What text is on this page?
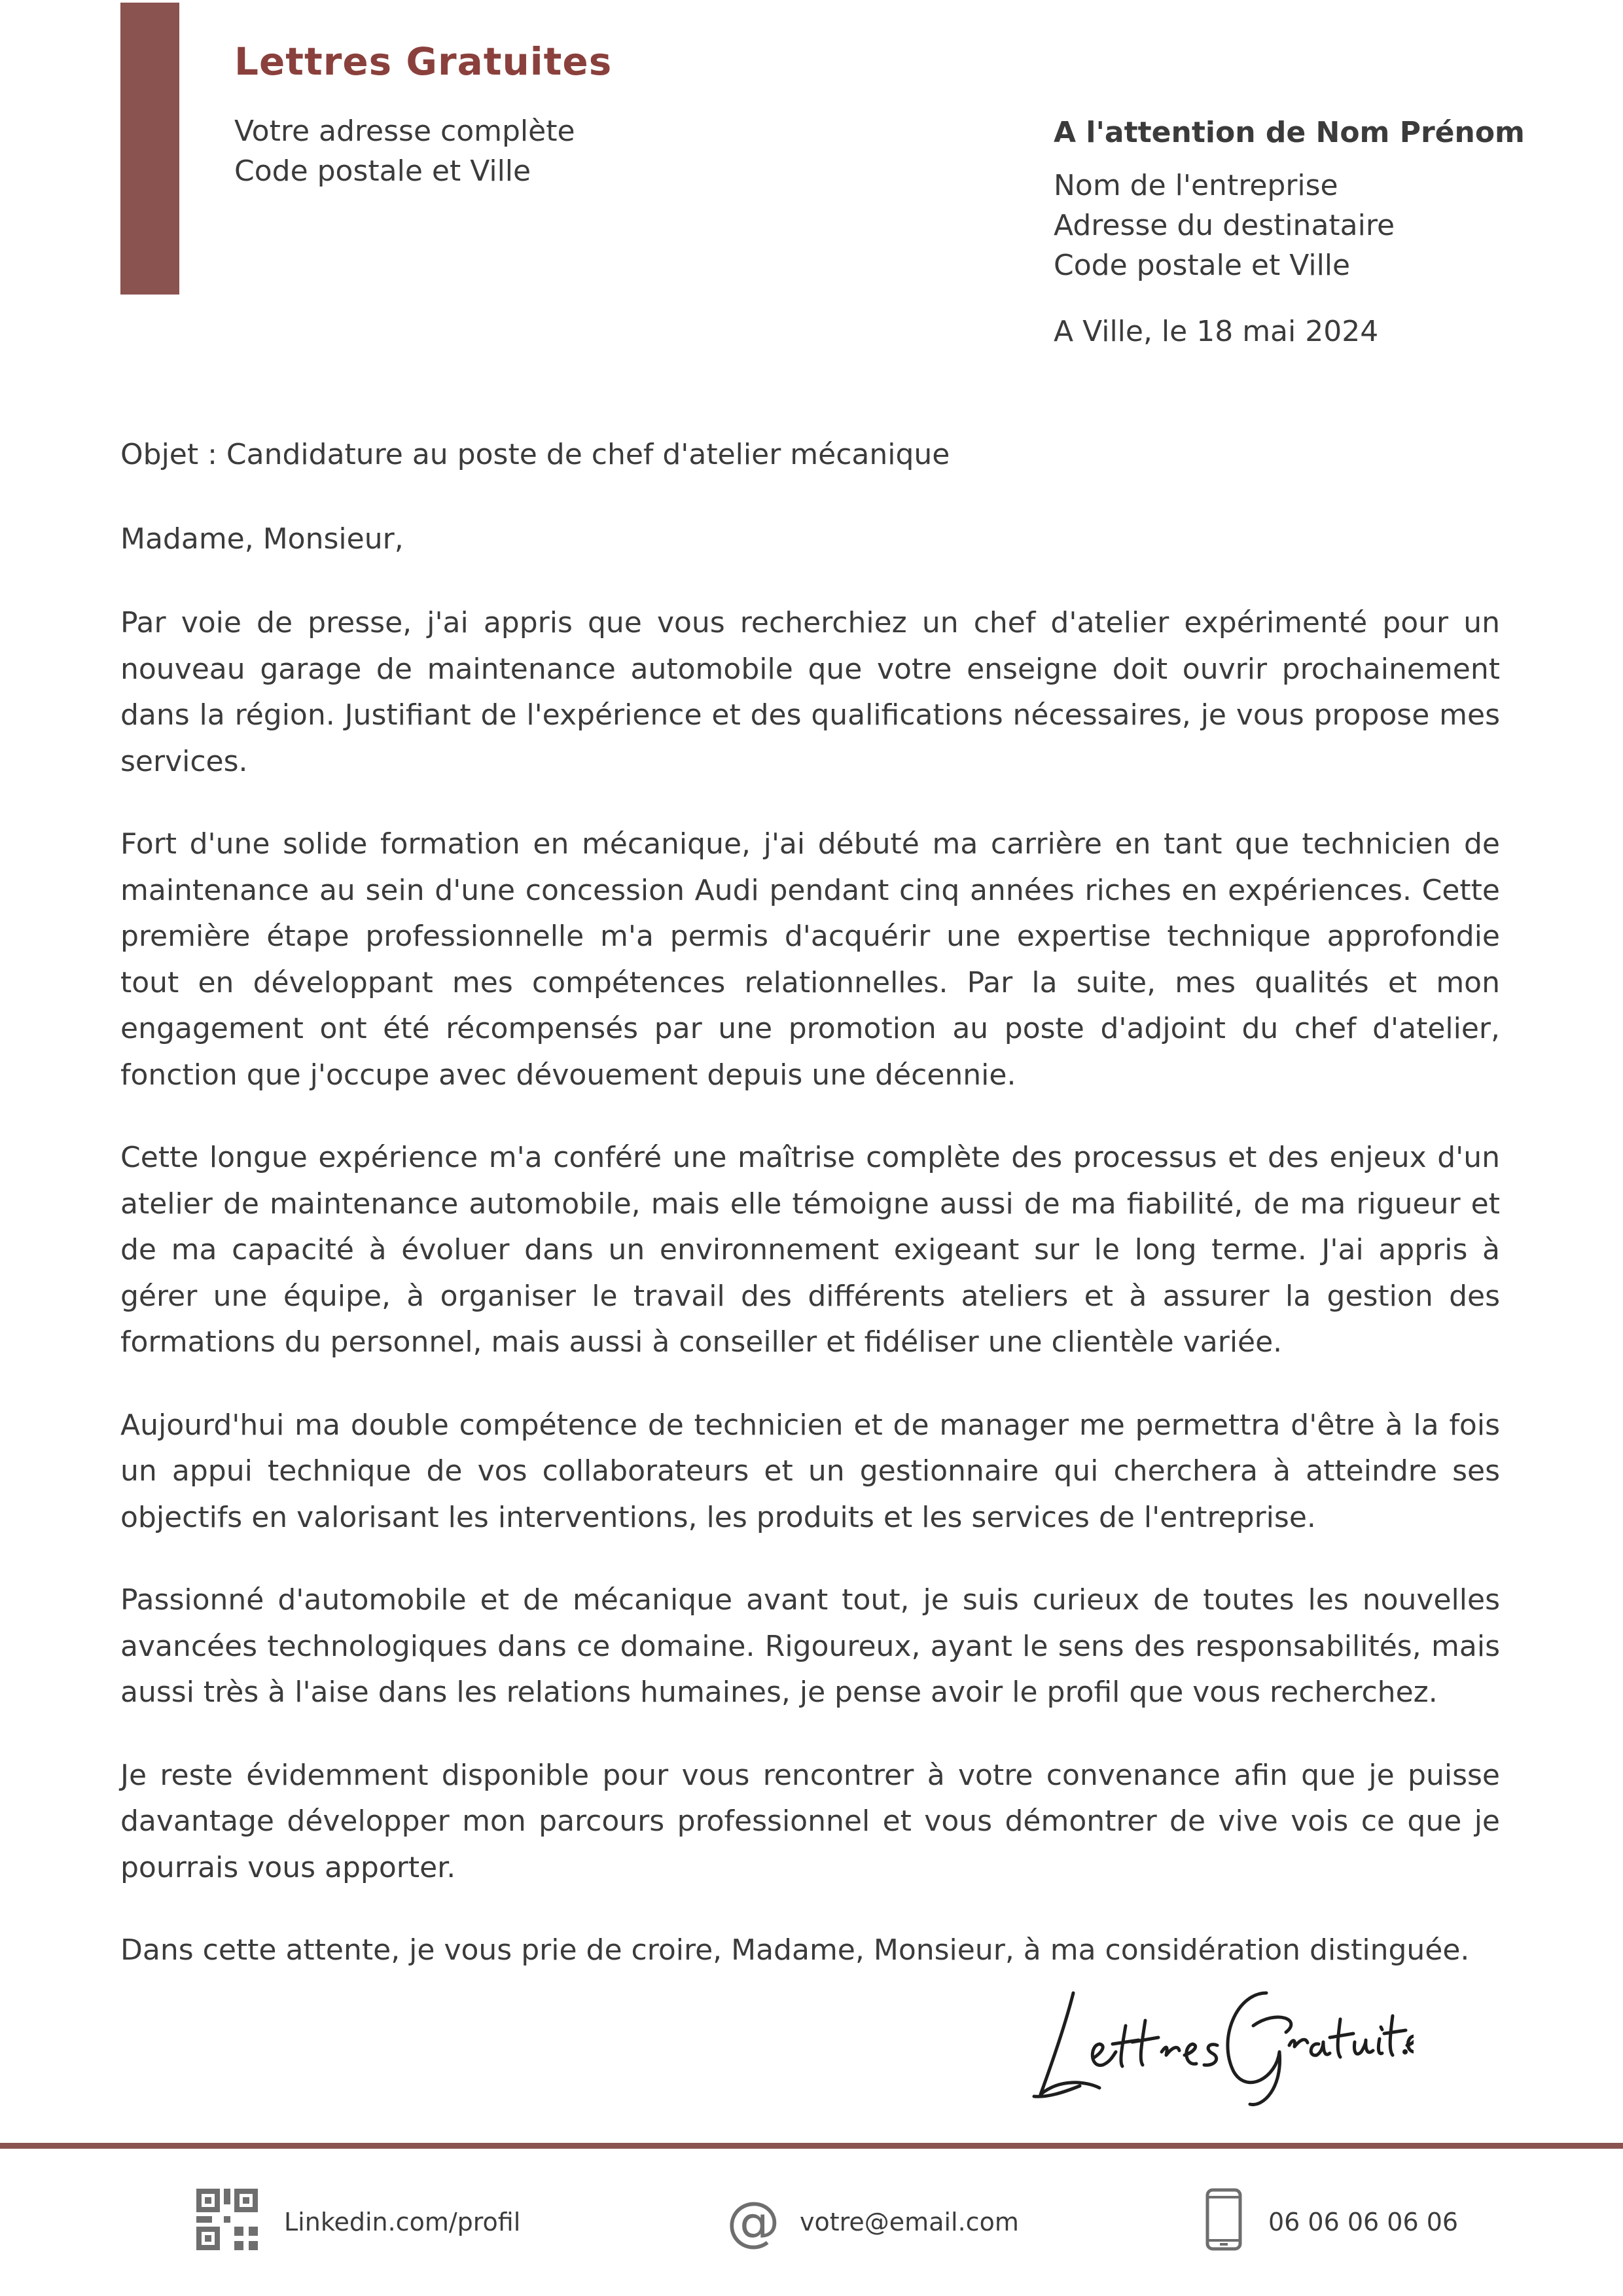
Lettres Gratuites
Votre adresse complète
Code postale et Ville
A l'attention de Nom Prénom
Nom de l'entreprise
Adresse du destinataire
Code postale et Ville
A Ville, le 18 mai 2024

Objet : Candidature au poste de chef d'atelier mécanique

Madame, Monsieur,

Par voie de presse, j'ai appris que vous recherchiez un chef d'atelier expérimenté pour un nouveau garage de maintenance automobile que votre enseigne doit ouvrir prochainement dans la région. Justifiant de l'expérience et des qualifications nécessaires, je vous propose mes services.

Fort d'une solide formation en mécanique, j'ai débuté ma carrière en tant que technicien de maintenance au sein d'une concession Audi pendant cinq années riches en expériences. Cette première étape professionnelle m'a permis d'acquérir une expertise technique approfondie tout en développant mes compétences relationnelles. Par la suite, mes qualités et mon engagement ont été récompensés par une promotion au poste d'adjoint du chef d'atelier, fonction que j'occupe avec dévouement depuis une décennie.

Cette longue expérience m'a conféré une maîtrise complète des processus et des enjeux d'un atelier de maintenance automobile, mais elle témoigne aussi de ma fiabilité, de ma rigueur et de ma capacité à évoluer dans un environnement exigeant sur le long terme. J'ai appris à gérer une équipe, à organiser le travail des différents ateliers et à assurer la gestion des formations du personnel, mais aussi à conseiller et fidéliser une clientèle variée.

Aujourd'hui ma double compétence de technicien et de manager me permettra d'être à la fois un appui technique de vos collaborateurs et un gestionnaire qui cherchera à atteindre ses objectifs en valorisant les interventions, les produits et les services de l'entreprise.

Passionné d'automobile et de mécanique avant tout, je suis curieux de toutes les nouvelles avancées technologiques dans ce domaine. Rigoureux, ayant le sens des responsabilités, mais aussi très à l'aise dans les relations humaines, je pense avoir le profil que vous recherchez.

Je reste évidemment disponible pour vous rencontrer à votre convenance afin que je puisse davantage développer mon parcours professionnel et vous démontrer de vive vois ce que je pourrais vous apporter.

Dans cette attente, je vous prie de croire, Madame, Monsieur, à ma considération distinguée.

Linkedin.com/profil	@ votre@email.com	06 06 06 06 06
